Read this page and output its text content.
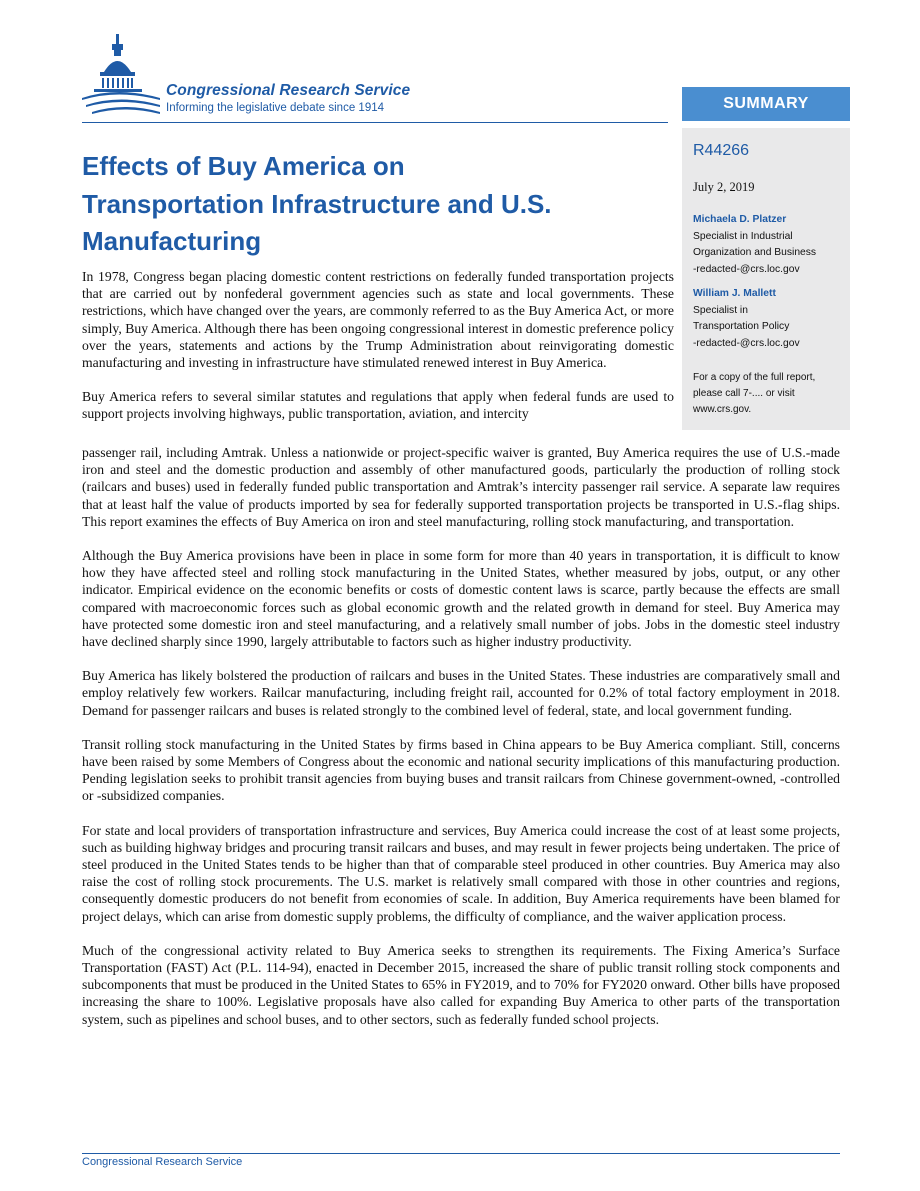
Congressional Research Service

Informing the legislative debate since 1914	SUMMARY

R44266

July 2, 2019

Michaela D. Platzer
Specialist in Industrial
Organization and Business
-redacted-@crs.loc.gov
William J. Mallett
Specialist in
Transportation Policy
-redacted-@crs.loc.gov
For a copy of the full report, please call 7-.... or visit www.crs.gov.
Effects of Buy America on Transportation Infrastructure and U.S. Manufacturing

In 1978, Congress began placing domestic content restrictions on federally funded transportation projects that are carried out by nonfederal government agencies such as state and local governments. These restrictions, which have changed over the years, are commonly referred to as the Buy America Act, or more simply, Buy America. Although there has been ongoing congressional interest in domestic preference policy over the years, statements and actions by the Trump Administration about reinvigorating domestic manufacturing and investing in infrastructure have stimulated renewed interest in Buy America.

Buy America refers to several similar statutes and regulations that apply when federal funds are used to support projects involving highways, public transportation, aviation, and intercity

passenger rail, including Amtrak. Unless a nationwide or project-specific waiver is granted, Buy America requires the use of U.S.-made iron and steel and the domestic production and assembly of other manufactured goods, particularly the production of rolling stock (railcars and buses) used in federally funded public transportation and Amtrak’s intercity passenger rail service. A separate law requires that at least half the value of products imported by sea for federally supported transportation projects be transported in U.S.-flag ships. This report examines the effects of Buy America on iron and steel manufacturing, rolling stock manufacturing, and transportation.

Although the Buy America provisions have been in place in some form for more than 40 years in transportation, it is difficult to know how they have affected steel and rolling stock manufacturing in the United States, whether measured by jobs, output, or any other indicator. Empirical evidence on the economic benefits or costs of domestic content laws is scarce, partly because the effects are small compared with macroeconomic forces such as global economic growth and the related growth in demand for steel. Buy America may have protected some domestic iron and steel manufacturing, and a relatively small number of jobs. Jobs in the domestic steel industry have declined sharply since 1990, largely attributable to factors such as higher industry productivity.

Buy America has likely bolstered the production of railcars and buses in the United States. These industries are comparatively small and employ relatively few workers. Railcar manufacturing, including freight rail, accounted for 0.2% of total factory employment in 2018. Demand for passenger railcars and buses is related strongly to the combined level of federal, state, and local government funding.

Transit rolling stock manufacturing in the United States by firms based in China appears to be Buy America compliant. Still, concerns have been raised by some Members of Congress about the economic and national security implications of this manufacturing production. Pending legislation seeks to prohibit transit agencies from buying buses and transit railcars from Chinese government-owned, -controlled or -subsidized companies.

For state and local providers of transportation infrastructure and services, Buy America could increase the cost of at least some projects, such as building highway bridges and procuring transit railcars and buses, and may result in fewer projects being undertaken. The price of steel produced in the United States tends to be higher than that of comparable steel produced in other countries. Buy America may also raise the cost of rolling stock procurements. The U.S. market is relatively small compared with those in other countries and regions, consequently domestic producers do not benefit from economies of scale. In addition, Buy America requirements have been blamed for project delays, which can arise from domestic supply problems, the difficulty of compliance, and the waiver application process.

Much of the congressional activity related to Buy America seeks to strengthen its requirements. The Fixing America’s Surface Transportation (FAST) Act (P.L. 114-94), enacted in December 2015, increased the share of public transit rolling stock components and subcomponents that must be produced in the United States to 65% in FY2019, and to 70% for FY2020 onward. Other bills have proposed increasing the share to 100%. Legislative proposals have also called for expanding Buy America to other parts of the transportation system, such as pipelines and school buses, and to other sectors, such as federally funded school projects.

Congressional Research Service
